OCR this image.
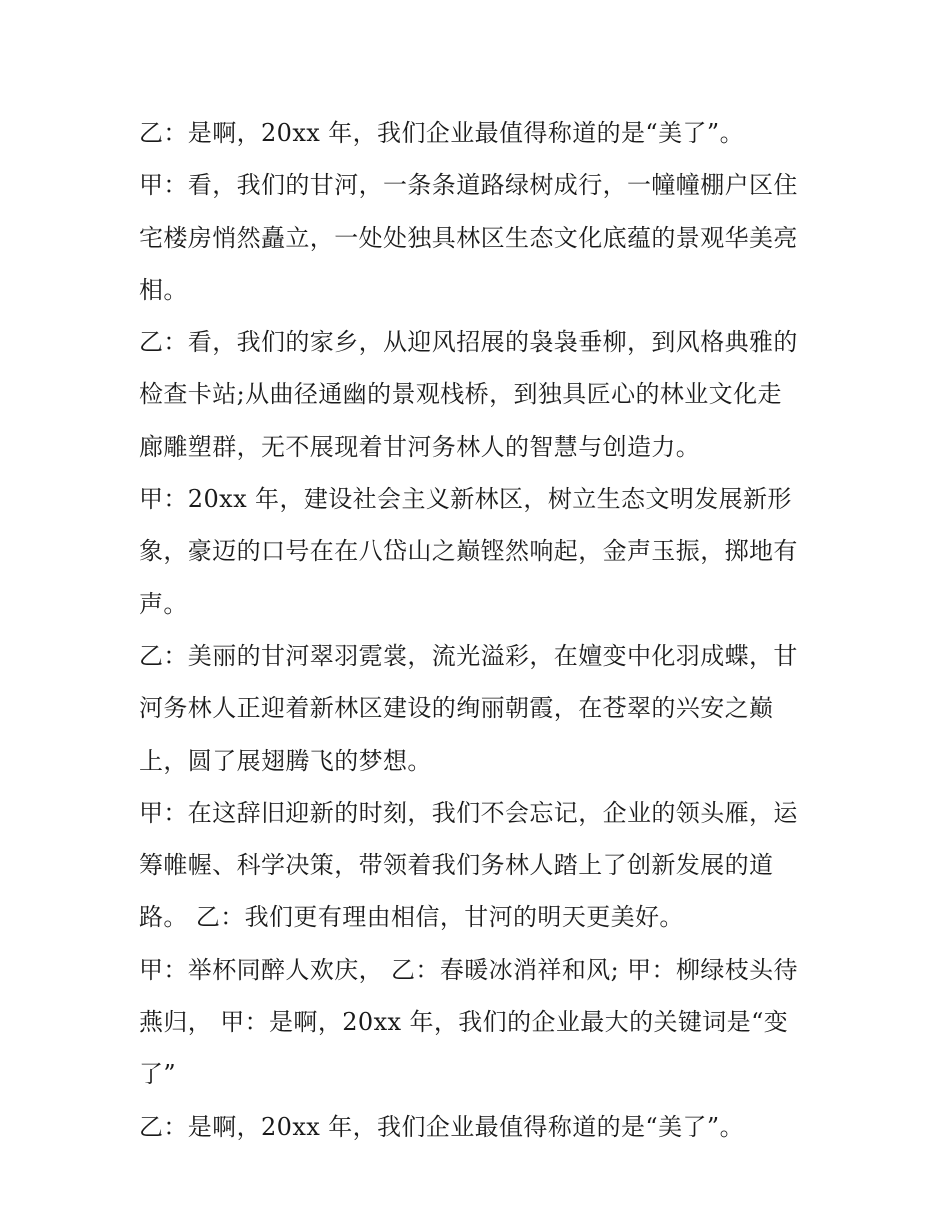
乙：是啊，20xx 年，我们企业最值得称道的是“美了”。
甲：看，我们的甘河，一条条道路绿树成行，一幢幢棚户区住
宅楼房悄然矗立，一处处独具林区生态文化底蕴的景观华美亮
相。
乙：看，我们的家乡，从迎风招展的袅袅垂柳，到风格典雅的
检查卡站;从曲径通幽的景观栈桥，到独具匠心的林业文化走
廊雕塑群，无不展现着甘河务林人的智慧与创造力。
甲：20xx 年，建设社会主义新林区，树立生态文明发展新形
象，豪迈的口号在在八岱山之巅铿然响起，金声玉振，掷地有
声。
乙：美丽的甘河翠羽霓裳，流光溢彩，在嬗变中化羽成蝶，甘
河务林人正迎着新林区建设的绚丽朝霞，在苍翠的兴安之巅
上，圆了展翅腾飞的梦想。
甲：在这辞旧迎新的时刻，我们不会忘记，企业的领头雁，运
筹帷幄、科学决策，带领着我们务林人踏上了创新发展的道
路。 乙：我们更有理由相信，甘河的明天更美好。
甲：举杯同醉人欢庆， 乙：春暖冰消祥和风; 甲：柳绿枝头待
燕归， 甲：是啊，20xx 年，我们的企业最大的关键词是“变
了”
乙：是啊，20xx 年，我们企业最值得称道的是“美了”。
